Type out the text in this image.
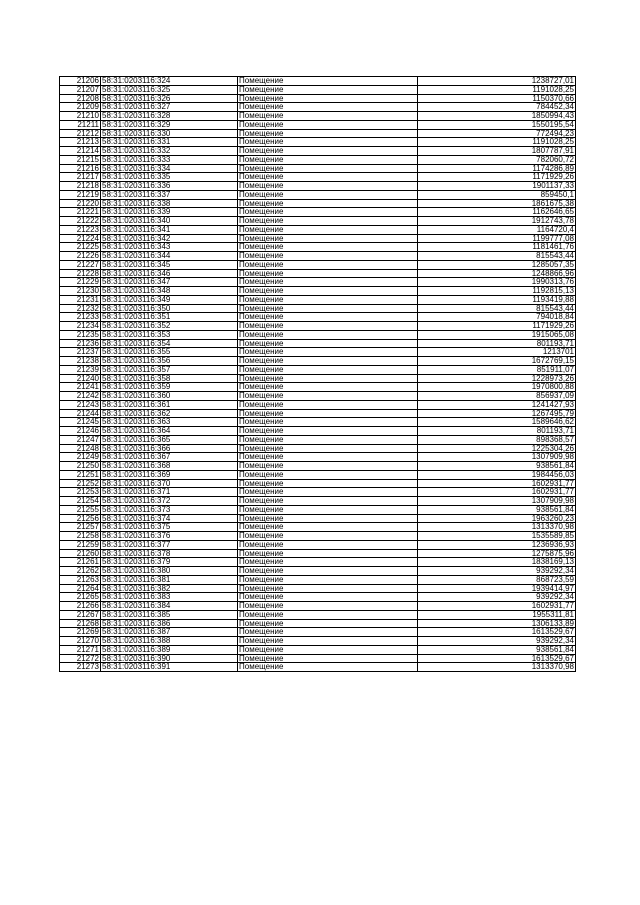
21206	58:31:0203116:324	Помещение	1238727,01
21207	58:31:0203116:325	Помещение	1191028,25
21208	58:31:0203116:326	Помещение	1150370,66
21209	58:31:0203116:327	Помещение	784452,34
21210	58:31:0203116:328	Помещение	1850994,43
21211	58:31:0203116:329	Помещение	1550195,54
21212	58:31:0203116:330	Помещение	772494,23
21213	58:31:0203116:331	Помещение	1191028,25
21214	58:31:0203116:332	Помещение	1807787,91
21215	58:31:0203116:333	Помещение	782060,72
21216	58:31:0203116:334	Помещение	1174286,89
21217	58:31:0203116:335	Помещение	1171929,26
21218	58:31:0203116:336	Помещение	1901137,33
21219	58:31:0203116:337	Помещение	859450,1
21220	58:31:0203116:338	Помещение	1861675,38
21221	58:31:0203116:339	Помещение	1162646,65
21222	58:31:0203116:340	Помещение	1912743,78
21223	58:31:0203116:341	Помещение	1164720,4
21224	58:31:0203116:342	Помещение	1199777,08
21225	58:31:0203116:343	Помещение	1181461,76
21226	58:31:0203116:344	Помещение	815543,44
21227	58:31:0203116:345	Помещение	1285057,35
21228	58:31:0203116:346	Помещение	1248866,96
21229	58:31:0203116:347	Помещение	1990313,76
21230	58:31:0203116:348	Помещение	1192815,13
21231	58:31:0203116:349	Помещение	1193419,88
21232	58:31:0203116:350	Помещение	815543,44
21233	58:31:0203116:351	Помещение	794018,84
21234	58:31:0203116:352	Помещение	1171929,26
21235	58:31:0203116:353	Помещение	1915065,08
21236	58:31:0203116:354	Помещение	801193,71
21237	58:31:0203116:355	Помещение	1213701
21238	58:31:0203116:356	Помещение	1672769,15
21239	58:31:0203116:357	Помещение	851911,07
21240	58:31:0203116:358	Помещение	1228973,26
21241	58:31:0203116:359	Помещение	1970800,88
21242	58:31:0203116:360	Помещение	856937,09
21243	58:31:0203116:361	Помещение	1241427,93
21244	58:31:0203116:362	Помещение	1267495,79
21245	58:31:0203116:363	Помещение	1589646,62
21246	58:31:0203116:364	Помещение	801193,71
21247	58:31:0203116:365	Помещение	898368,57
21248	58:31:0203116:366	Помещение	1225304,26
21249	58:31:0203116:367	Помещение	1307909,98
21250	58:31:0203116:368	Помещение	938561,84
21251	58:31:0203116:369	Помещение	1984456,03
21252	58:31:0203116:370	Помещение	1602931,77
21253	58:31:0203116:371	Помещение	1602931,77
21254	58:31:0203116:372	Помещение	1307909,98
21255	58:31:0203116:373	Помещение	938561,84
21256	58:31:0203116:374	Помещение	1963260,23
21257	58:31:0203116:375	Помещение	1313370,98
21258	58:31:0203116:376	Помещение	1535589,85
21259	58:31:0203116:377	Помещение	1236936,93
21260	58:31:0203116:378	Помещение	1275875,96
21261	58:31:0203116:379	Помещение	1838169,13
21262	58:31:0203116:380	Помещение	939292,34
21263	58:31:0203116:381	Помещение	868723,59
21264	58:31:0203116:382	Помещение	1939414,97
21265	58:31:0203116:383	Помещение	939292,34
21266	58:31:0203116:384	Помещение	1602931,77
21267	58:31:0203116:385	Помещение	1955311,81
21268	58:31:0203116:386	Помещение	1306133,89
21269	58:31:0203116:387	Помещение	1613529,67
21270	58:31:0203116:388	Помещение	939292,34
21271	58:31:0203116:389	Помещение	938561,84
21272	58:31:0203116:390	Помещение	1613529,67
21273	58:31:0203116:391	Помещение	1313370,98
